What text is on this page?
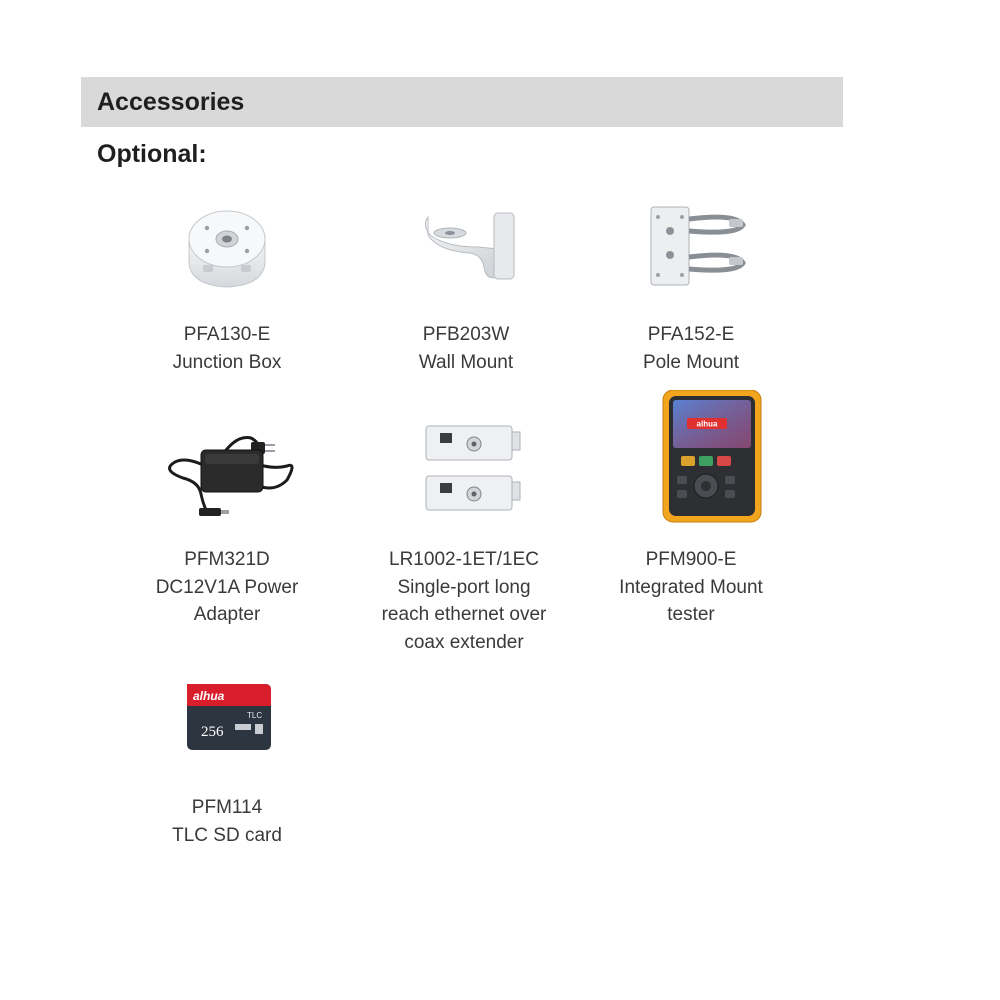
Accessories
Optional:
PFA130-E
Junction Box
PFB203W
Wall Mount
PFA152-E
Pole Mount
PFM321D
DC12V1A Power
Adapter
LR1002-1ET/1EC
Single-port long
reach ethernet over
coax extender
alhua
PFM900-E
Integrated Mount
tester
alhua
TLC
256
PFM114
TLC SD card
